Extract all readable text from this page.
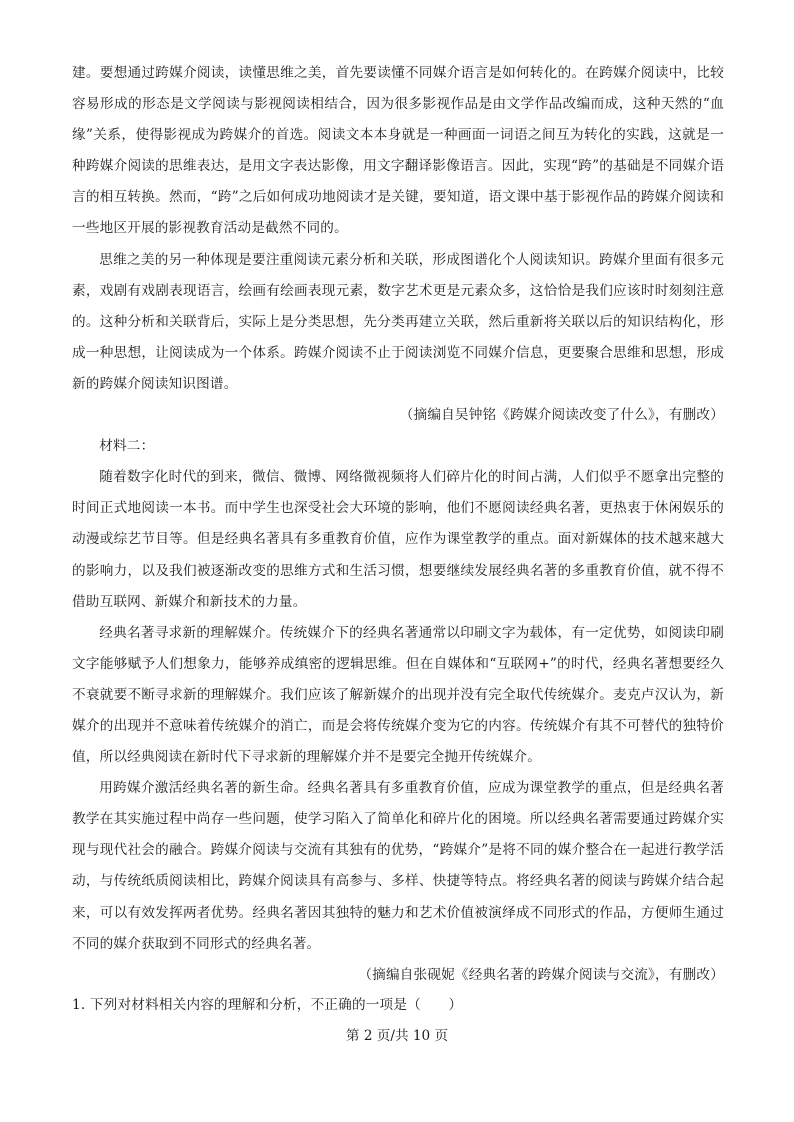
建。要想通过跨媒介阅读，读懂思维之美，首先要读懂不同媒介语言是如何转化的。在跨媒介阅读中，比较容易形成的形态是文学阅读与影视阅读相结合，因为很多影视作品是由文学作品改编而成，这种天然的“血缘”关系，使得影视成为跨媒介的首选。阅读文本本身就是一种画面一词语之间互为转化的实践，这就是一种跨媒介阅读的思维表达，是用文字表达影像，用文字翻译影像语言。因此，实现“跨”的基础是不同媒介语言的相互转换。然而，“跨”之后如何成功地阅读才是关键，要知道，语文课中基于影视作品的跨媒介阅读和一些地区开展的影视教育活动是截然不同的。

思维之美的另一种体现是要注重阅读元素分析和关联，形成图谱化个人阅读知识。跨媒介里面有很多元素，戏剧有戏剧表现语言，绘画有绘画表现元素，数字艺术更是元素众多，这恰恰是我们应该时时刻刻注意的。这种分析和关联背后，实际上是分类思想，先分类再建立关联，然后重新将关联以后的知识结构化，形成一种思想，让阅读成为一个体系。跨媒介阅读不止于阅读浏览不同媒介信息，更要聚合思维和思想，形成新的跨媒介阅读知识图谱。

（摘编自吴钟铭《跨媒介阅读改变了什么》，有删改）

材料二：

随着数字化时代的到来，微信、微博、网络微视频将人们碎片化的时间占满，人们似乎不愿拿出完整的时间正式地阅读一本书。而中学生也深受社会大环境的影响，他们不愿阅读经典名著，更热衷于休闲娱乐的动漫或综艺节目等。但是经典名著具有多重教育价值，应作为课堂教学的重点。面对新媒体的技术越来越大的影响力，以及我们被逐渐改变的思维方式和生活习惯，想要继续发展经典名著的多重教育价值，就不得不借助互联网、新媒介和新技术的力量。

经典名著寻求新的理解媒介。传统媒介下的经典名著通常以印刷文字为载体，有一定优势，如阅读印刷文字能够赋予人们想象力，能够养成缜密的逻辑思维。但在自媒体和“互联网+”的时代，经典名著想要经久不衰就要不断寻求新的理解媒介。我们应该了解新媒介的出现并没有完全取代传统媒介。麦克卢汉认为，新媒介的出现并不意味着传统媒介的消亡，而是会将传统媒介变为它的内容。传统媒介有其不可替代的独特价值，所以经典阅读在新时代下寻求新的理解媒介并不是要完全抛开传统媒介。

用跨媒介激活经典名著的新生命。经典名著具有多重教育价值，应成为课堂教学的重点，但是经典名著教学在其实施过程中尚存一些问题，使学习陷入了简单化和碎片化的困境。所以经典名著需要通过跨媒介实现与现代社会的融合。跨媒介阅读与交流有其独有的优势，“跨媒介”是将不同的媒介整合在一起进行教学活动，与传统纸质阅读相比，跨媒介阅读具有高参与、多样、快捷等特点。将经典名著的阅读与跨媒介结合起来，可以有效发挥两者优势。经典名著因其独特的魅力和艺术价值被演绎成不同形式的作品，方便师生通过不同的媒介获取到不同形式的经典名著。

（摘编自张砚妮《经典名著的跨媒介阅读与交流》，有删改）

1. 下列对材料相关内容的理解和分析，不正确的一项是（　　）

第 2 页/共 10 页
